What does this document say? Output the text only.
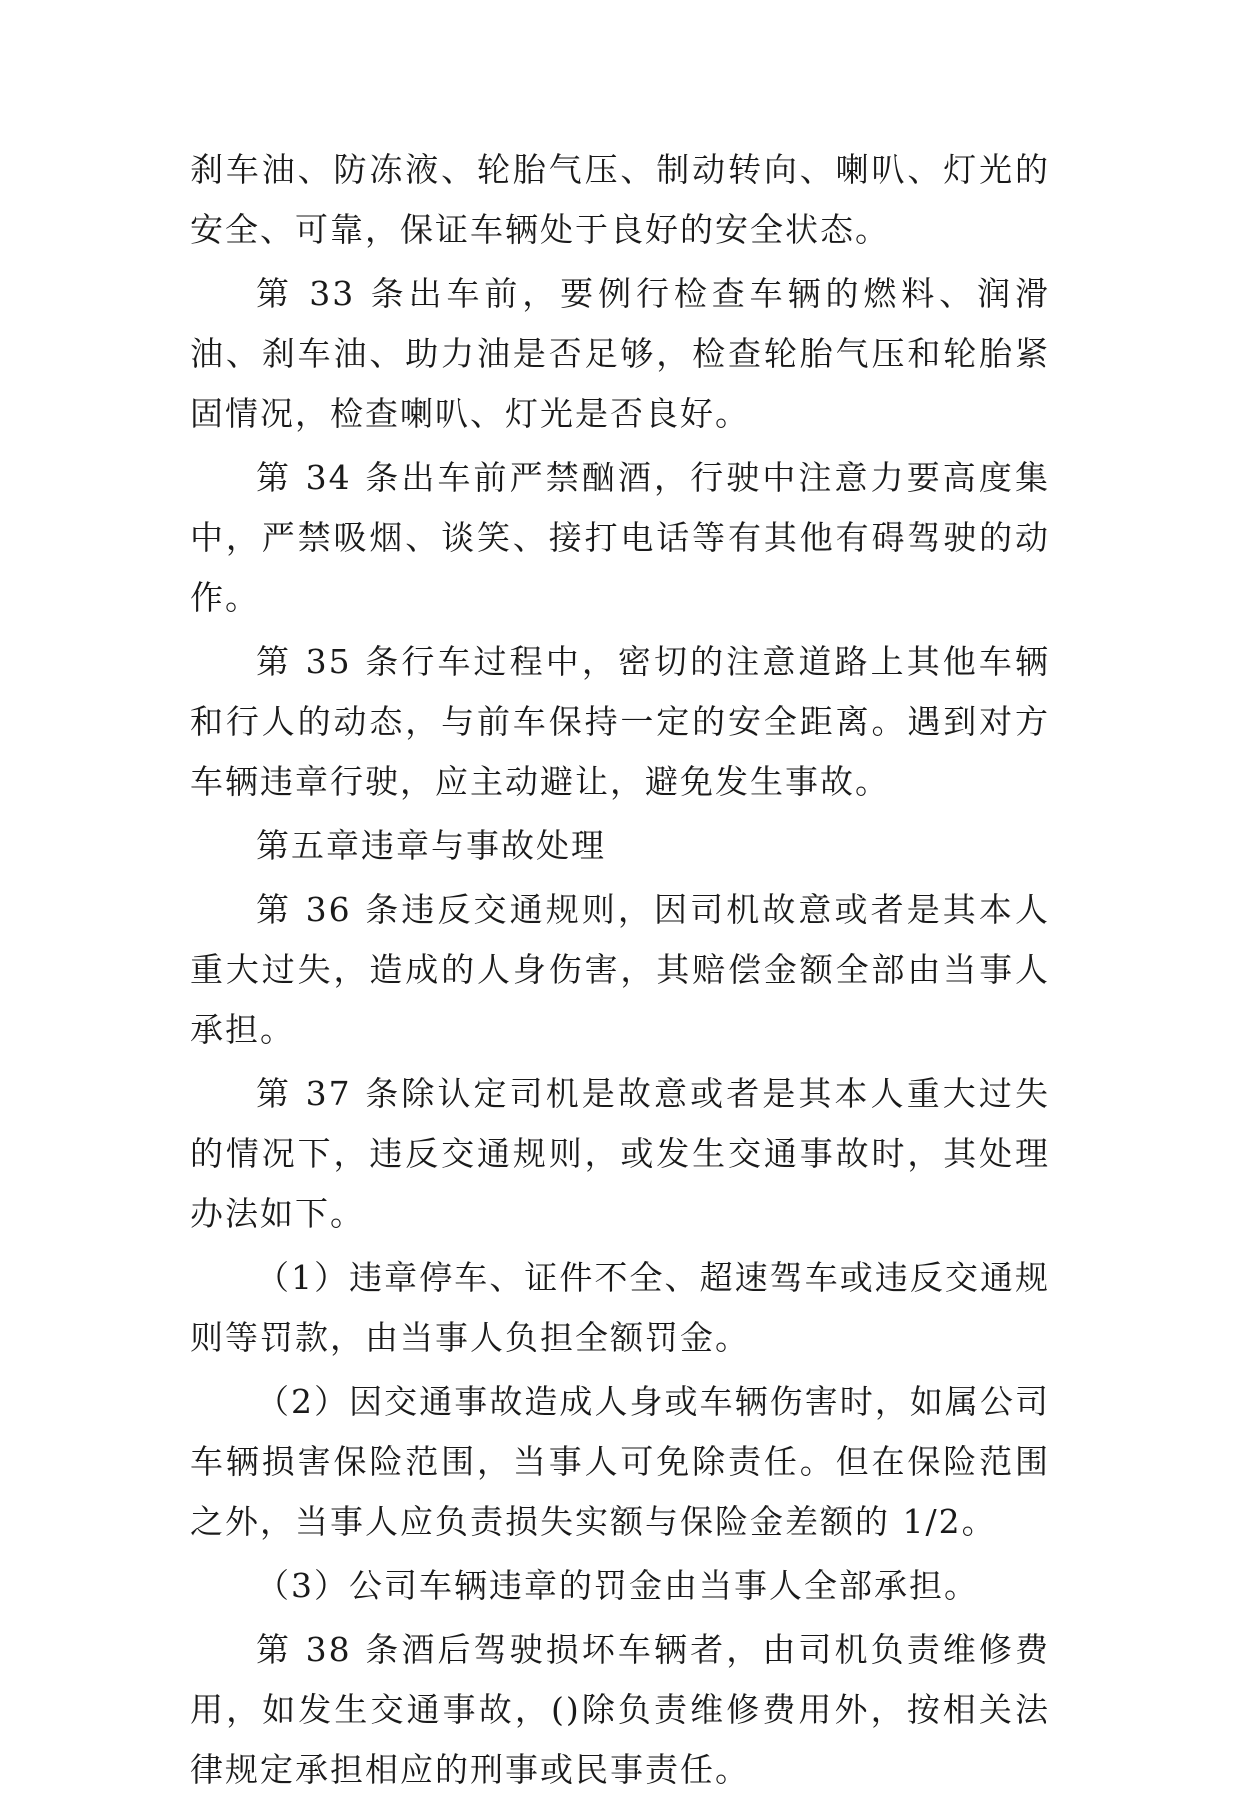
刹车油、防冻液、轮胎气压、制动转向、喇叭、灯光的安全、可靠，保证车辆处于良好的安全状态。

第 33 条出车前，要例行检查车辆的燃料、润滑油、刹车油、助力油是否足够，检查轮胎气压和轮胎紧固情况，检查喇叭、灯光是否良好。

第 34 条出车前严禁酗酒，行驶中注意力要高度集中，严禁吸烟、谈笑、接打电话等有其他有碍驾驶的动作。

第 35 条行车过程中，密切的注意道路上其他车辆和行人的动态，与前车保持一定的安全距离。遇到对方车辆违章行驶，应主动避让，避免发生事故。

第五章违章与事故处理

第 36 条违反交通规则，因司机故意或者是其本人重大过失，造成的人身伤害，其赔偿金额全部由当事人承担。

第 37 条除认定司机是故意或者是其本人重大过失的情况下，违反交通规则，或发生交通事故时，其处理办法如下。

（1）违章停车、证件不全、超速驾车或违反交通规则等罚款，由当事人负担全额罚金。

（2）因交通事故造成人身或车辆伤害时，如属公司车辆损害保险范围，当事人可免除责任。但在保险范围之外，当事人应负责损失实额与保险金差额的 1/2。

（3）公司车辆违章的罚金由当事人全部承担。

第 38 条酒后驾驶损坏车辆者，由司机负责维修费用，如发生交通事故，()除负责维修费用外，按相关法律规定承担相应的刑事或民事责任。
